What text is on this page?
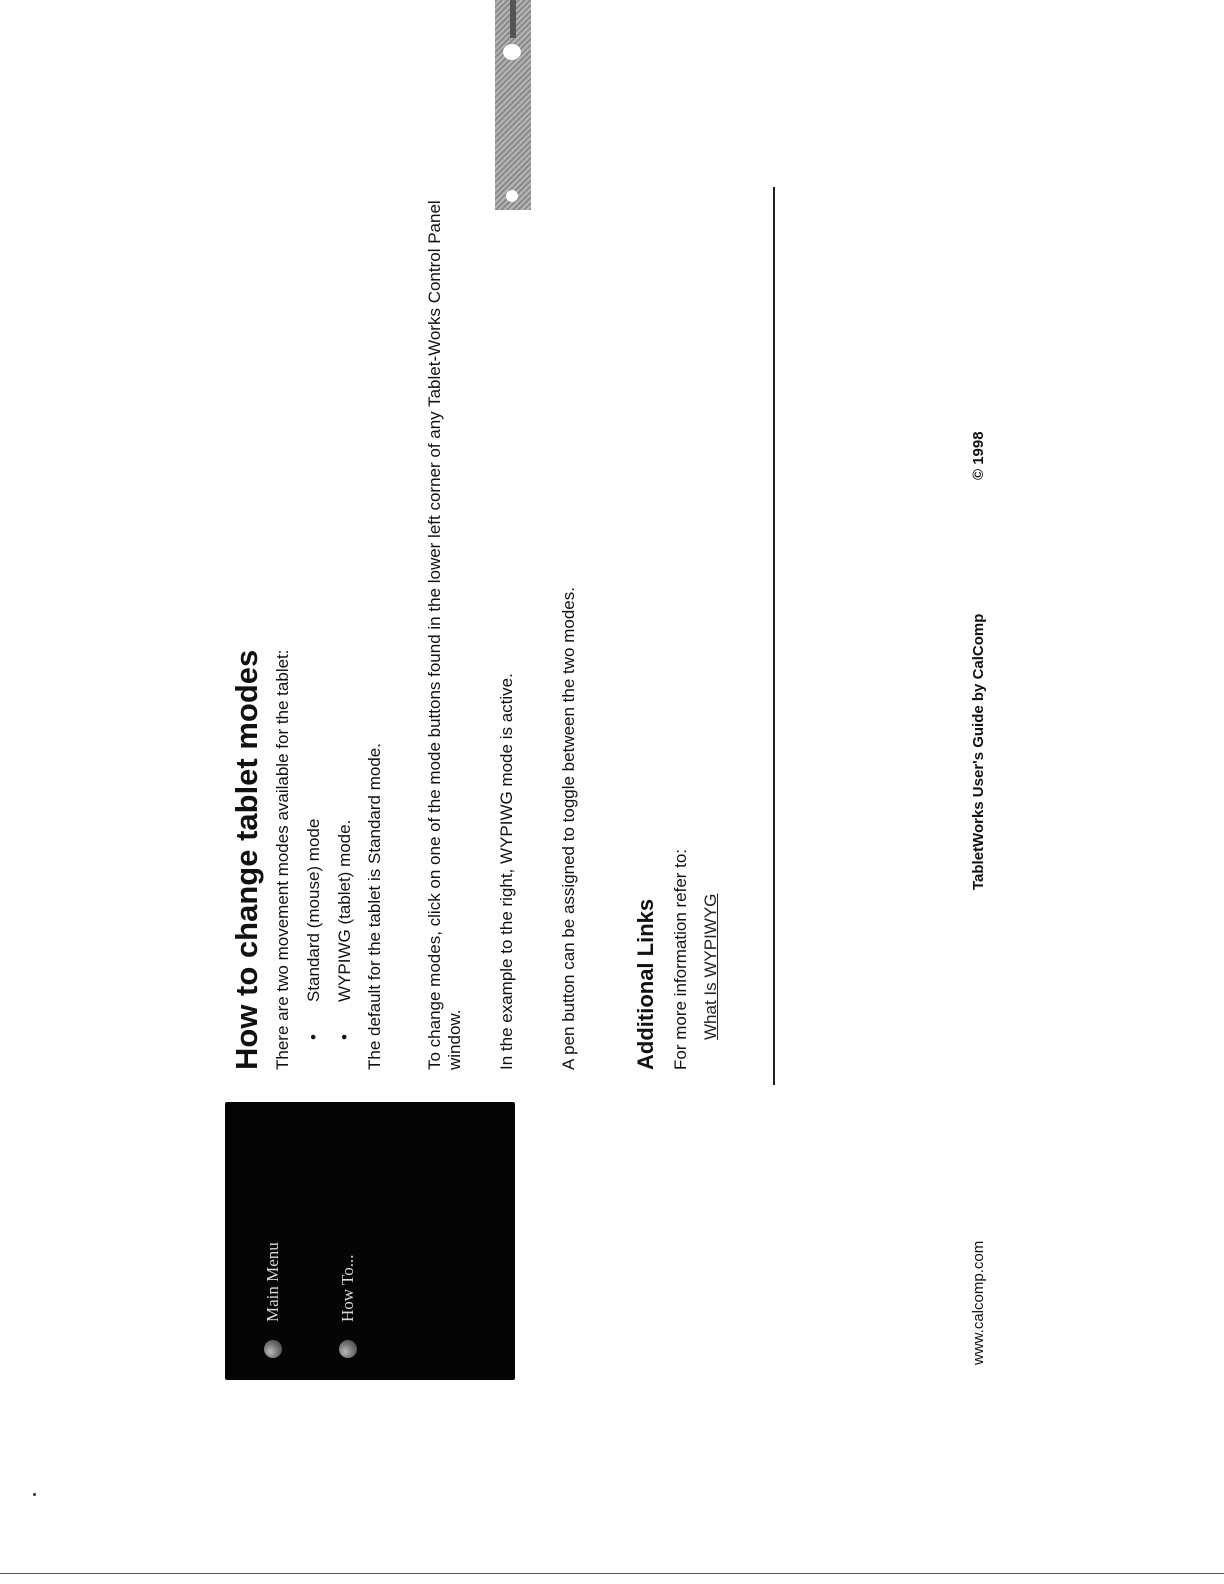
Main Menu	How To...
How to change tablet modes There are two movement modes available for the tablet: •Standard (mouse) mode
•WYPIWG (tablet) mode. The default for the tablet is Standard mode. To change modes, click on one of the mode buttons found in the lower left corner of any Tablet-Works Control Panel window. In the example to the right, WYPIWG mode is active.	A pen button can be assigned to toggle between the two modes.	Additional Links For more information refer to: What Is WYPIWYG
www.calcomp.com
TabletWorks User's Guide by CalComp
© 1998
